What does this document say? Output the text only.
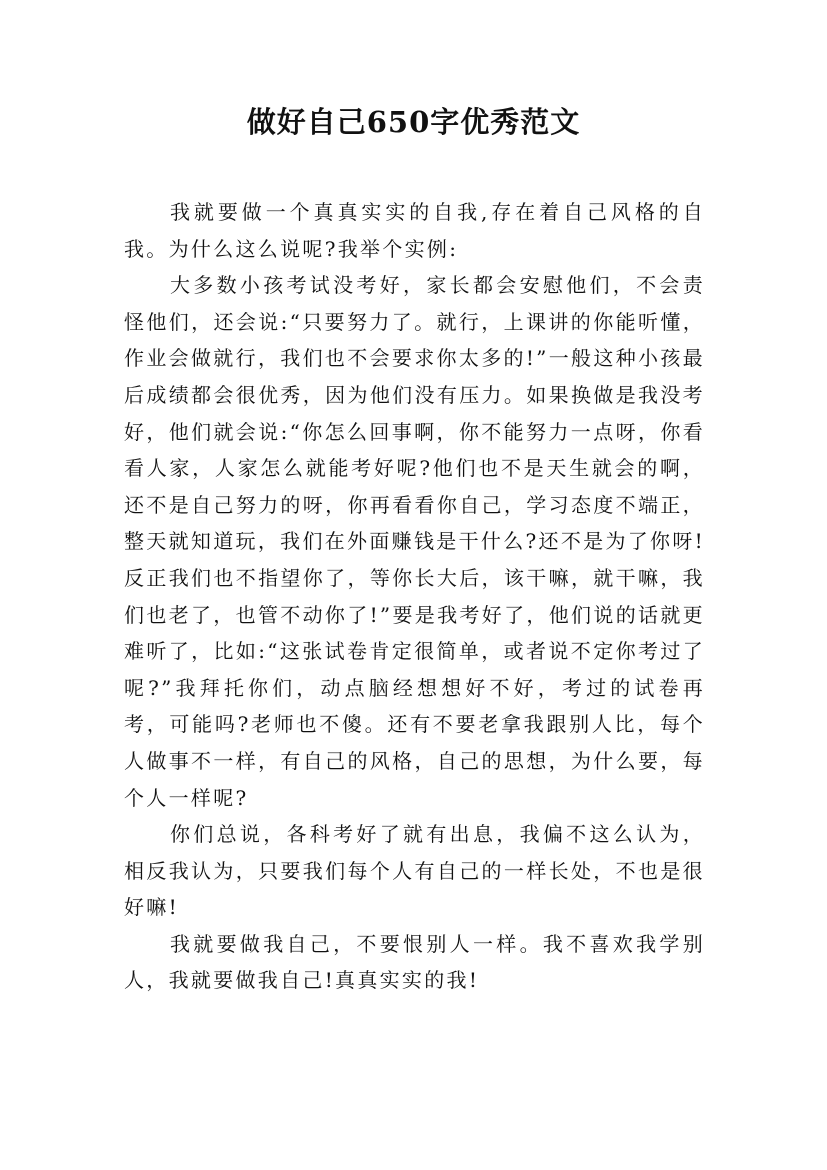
做好自己650字优秀范文

我就要做一个真真实实的自我,存在着自己风格的自我。为什么这么说呢?我举个实例:

大多数小孩考试没考好，家长都会安慰他们，不会责怪他们，还会说:“只要努力了。就行，上课讲的你能听懂，作业会做就行，我们也不会要求你太多的!”一般这种小孩最后成绩都会很优秀，因为他们没有压力。如果换做是我没考好，他们就会说:“你怎么回事啊，你不能努力一点呀，你看看人家，人家怎么就能考好呢?他们也不是天生就会的啊，还不是自己努力的呀，你再看看你自己，学习态度不端正，整天就知道玩，我们在外面赚钱是干什么?还不是为了你呀!反正我们也不指望你了，等你长大后，该干嘛，就干嘛，我们也老了，也管不动你了!”要是我考好了，他们说的话就更难听了，比如:“这张试卷肯定很简单，或者说不定你考过了呢?”我拜托你们，动点脑经想想好不好，考过的试卷再考，可能吗?老师也不傻。还有不要老拿我跟别人比，每个人做事不一样，有自己的风格，自己的思想，为什么要，每个人一样呢?

你们总说，各科考好了就有出息，我偏不这么认为，相反我认为，只要我们每个人有自己的一样长处，不也是很好嘛!

我就要做我自己，不要恨别人一样。我不喜欢我学别人，我就要做我自己!真真实实的我!
